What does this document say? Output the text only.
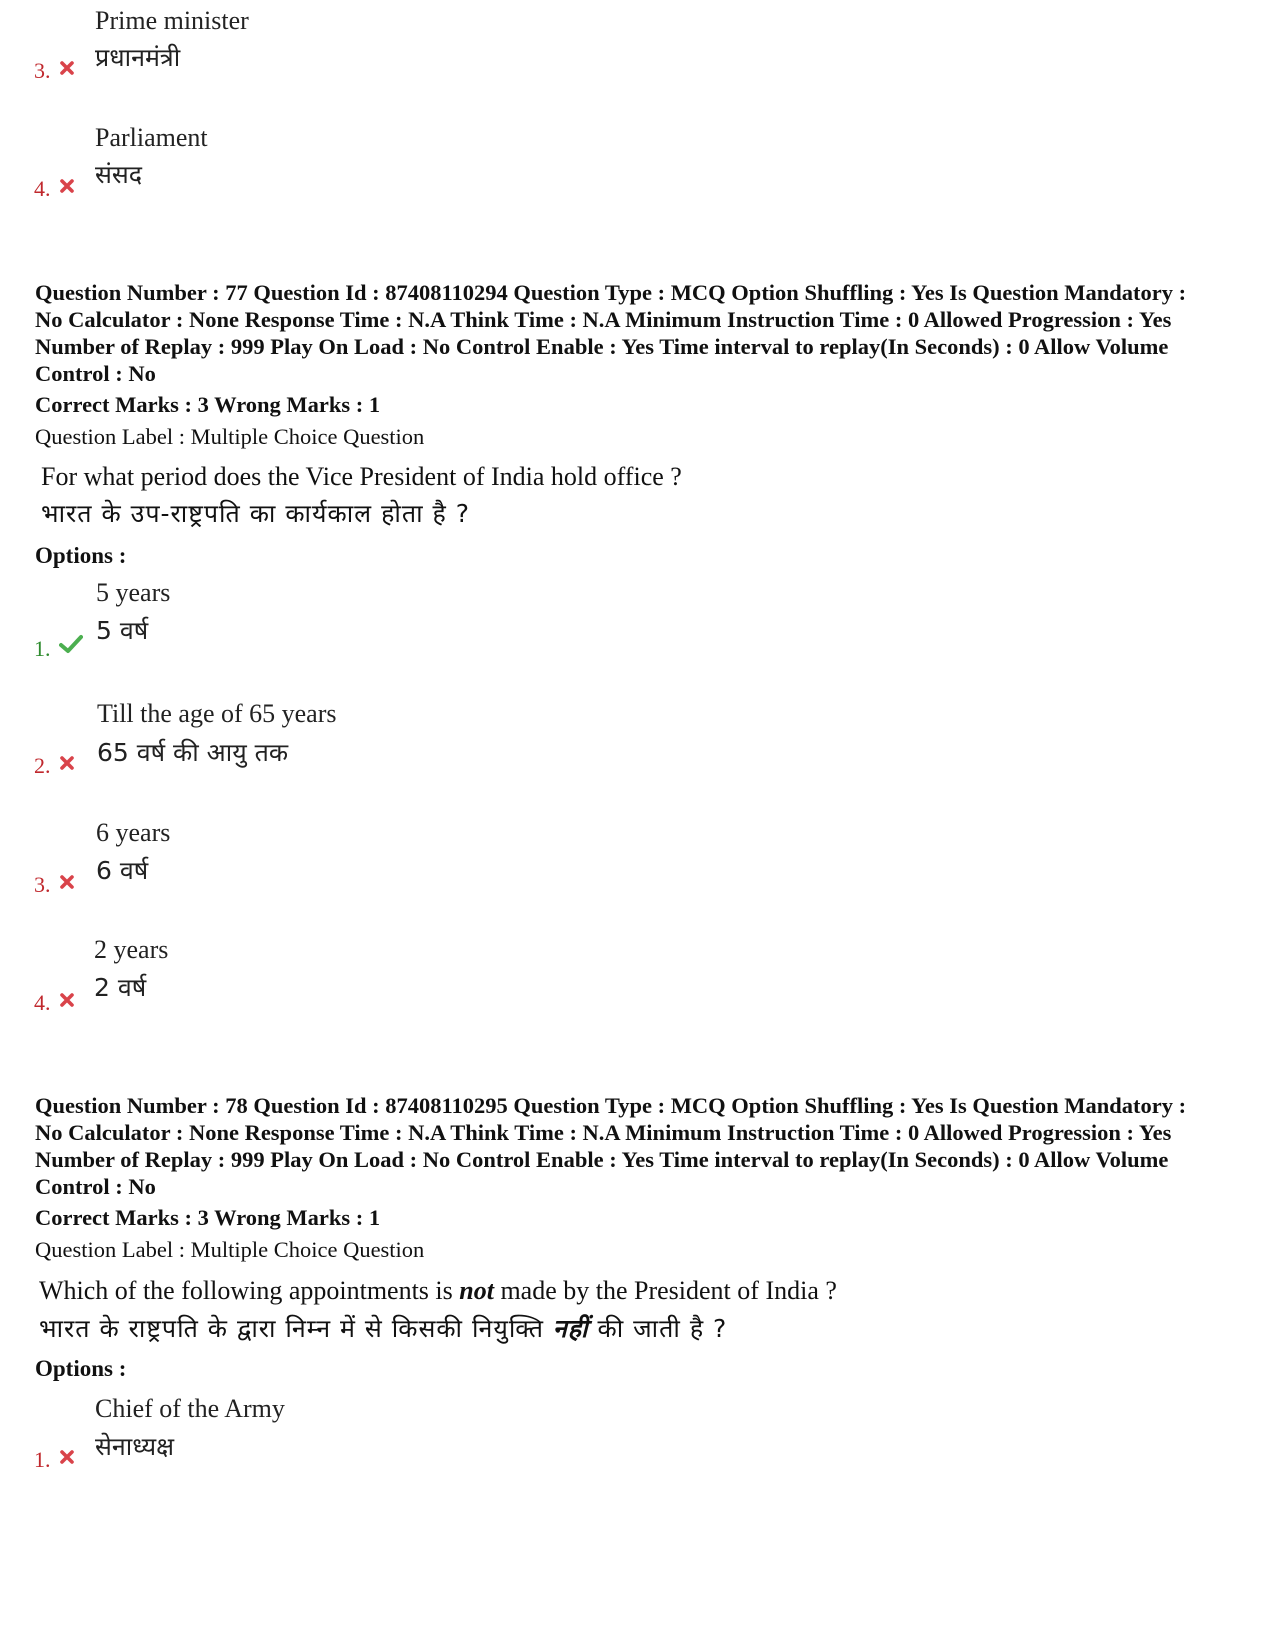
Prime minister
प्रधानमंत्री
3.
Parliament
संसद
4.
Question Number : 77 Question Id : 87408110294 Question Type : MCQ Option Shuffling : Yes Is Question Mandatory : No Calculator : None Response Time : N.A Think Time : N.A Minimum Instruction Time : 0 Allowed Progression : Yes Number of Replay : 999 Play On Load : No Control Enable : Yes Time interval to replay(In Seconds) : 0 Allow Volume Control : No
Correct Marks : 3 Wrong Marks : 1
Question Label : Multiple Choice Question
For what period does the Vice President of India hold office ?
भारत के उप-राष्ट्रपति का कार्यकाल होता है ?
Options :
5 years
5 वर्ष
1.
Till the age of 65 years
65 वर्ष की आयु तक
2.
6 years
6 वर्ष
3.
2 years
2 वर्ष
4.
Question Number : 78 Question Id : 87408110295 Question Type : MCQ Option Shuffling : Yes Is Question Mandatory : No Calculator : None Response Time : N.A Think Time : N.A Minimum Instruction Time : 0 Allowed Progression : Yes Number of Replay : 999 Play On Load : No Control Enable : Yes Time interval to replay(In Seconds) : 0 Allow Volume Control : No
Correct Marks : 3 Wrong Marks : 1
Question Label : Multiple Choice Question
Which of the following appointments is not made by the President of India ?
भारत के राष्ट्रपति के द्वारा निम्न में से किसकी नियुक्ति नहीं की जाती है ?
Options :
Chief of the Army
सेनाध्यक्ष
1.
